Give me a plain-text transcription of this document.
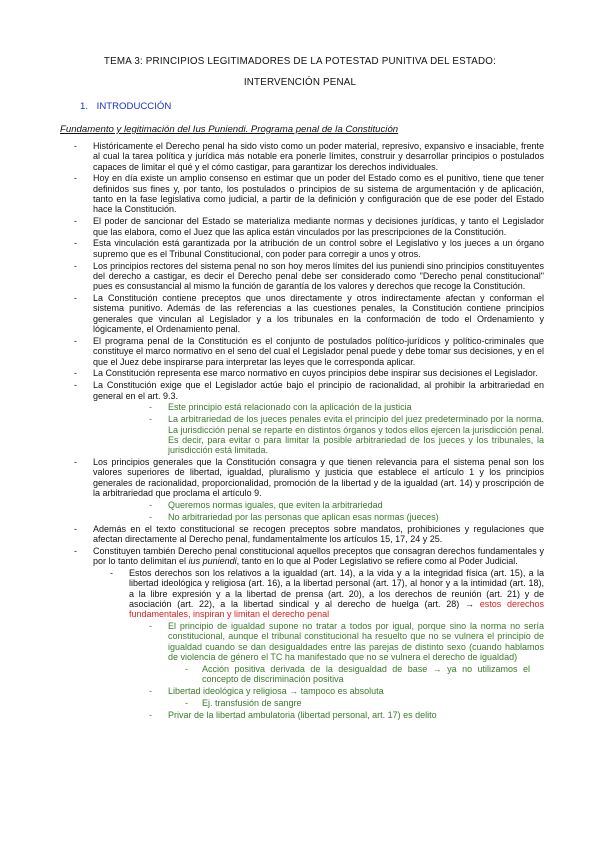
TEMA 3: PRINCIPIOS LEGITIMADORES DE LA POTESTAD PUNITIVA DEL ESTADO:
INTERVENCIÓN PENAL
1. INTRODUCCIÓN
Fundamento y legitimación del Ius Puniendi. Programa penal de la Constitución
- Históricamente el Derecho penal ha sido visto como un poder material, represivo, expansivo e insaciable, frente al cual la tarea política y jurídica más notable era ponerle límites, construir y desarrollar principios o postulados capaces de limitar el qué y el cómo castigar, para garantizar los derechos individuales.
- Hoy en día existe un amplio consenso en estimar que un poder del Estado como es el punitivo, tiene que tener definidos sus fines y, por tanto, los postulados o principios de su sistema de argumentación y de aplicación, tanto en la fase legislativa como judicial, a partir de la definición y configuración que de ese poder del Estado hace la Constitución.
- El poder de sancionar del Estado se materializa mediante normas y decisiones jurídicas, y tanto el Legislador que las elabora, como el Juez que las aplica están vinculados por las prescripciones de la Constitución.
- Esta vinculación está garantizada por la atribución de un control sobre el Legislativo y los jueces a un órgano supremo que es el Tribunal Constitucional, con poder para corregir a unos y otros.
- Los principios rectores del sistema penal no son hoy meros límites del ius puniendi sino principios constituyentes del derecho a castigar, es decir el Derecho penal debe ser considerado como "Derecho penal constitucional" pues es consustancial al mismo la función de garantía de los valores y derechos que recoge la Constitución.
- La Constitución contiene preceptos que unos directamente y otros indirectamente afectan y conforman el sistema punitivo. Además de las referencias a las cuestiones penales, la Constitución contiene principios generales que vinculan al Legislador y a los tribunales en la conformación de todo el Ordenamiento y lógicamente, el Ordenamiento penal.
- El programa penal de la Constitución es el conjunto de postulados político-jurídicos y político-criminales que constituye el marco normativo en el seno del cual el Legislador penal puede y debe tomar sus decisiones, y en el que el Juez debe inspirarse para interpretar las leyes que le corresponda aplicar.
- La Constitución representa ese marco normativo en cuyos principios debe inspirar sus decisiones el Legislador.
- La Constitución exige que el Legislador actúe bajo el principio de racionalidad, al prohibir la arbitrariedad en general en el art. 9.3.
- Este principio está relacionado con la aplicación de la justicia
- La arbitrariedad de los jueces penales evita el principio del juez predeterminado por la norma. La jurisdicción penal se reparte en distintos órganos y todos ellos ejercen la jurisdicción penal. Es decir, para evitar o para limitar la posible arbitrariedad de los jueces y los tribunales, la jurisdicción está limitada.
- Los principios generales que la Constitución consagra y que tienen relevancia para el sistema penal son los valores superiores de libertad, igualdad, pluralismo y justicia que establece el artículo 1 y los principios generales de racionalidad, proporcionalidad, promoción de la libertad y de la igualdad (art. 14) y proscripción de la arbitrariedad que proclama el artículo 9.
- Queremos normas iguales, que eviten la arbitrariedad
- No arbitrariedad por las personas que aplican esas normas (jueces)
- Además en el texto constitucional se recogen preceptos sobre mandatos, prohibiciones y regulaciones que afectan directamente al Derecho penal, fundamentalmente los artículos 15, 17, 24 y 25.
- Constituyen también Derecho penal constitucional aquellos preceptos que consagran derechos fundamentales y por lo tanto delimitan el ius puniendi, tanto en lo que al Poder Legislativo se refiere como al Poder Judicial.
- Estos derechos son los relativos a la igualdad (art. 14), a la vida y a la integridad física (art. 15), a la libertad ideológica y religiosa (art. 16), a la libertad personal (art. 17), al honor y a la intimidad (art. 18), a la libre expresión y a la libertad de prensa (art. 20), a los derechos de reunión (art. 21) y de asociación (art. 22), a la libertad sindical y al derecho de huelga (art. 28) → estos derechos fundamentales, inspiran y limitan el derecho penal
- El principio de igualdad supone no tratar a todos por igual, porque sino la norma no sería constitucional, aunque el tribunal constitucional ha resuelto que no se vulnera el principio de igualdad cuando se dan desigualdades entre las parejas de distinto sexo (cuando hablamos de violencia de género el TC ha manifestado que no se vulnera el derecho de igualdad)
- Acción positiva derivada de la desigualdad de base → ya no utilizamos el concepto de discriminación positiva
- Libertad ideológica y religiosa → tampoco es absoluta
- Ej. transfusión de sangre
- Privar de la libertad ambulatoria (libertad personal, art. 17) es delito
